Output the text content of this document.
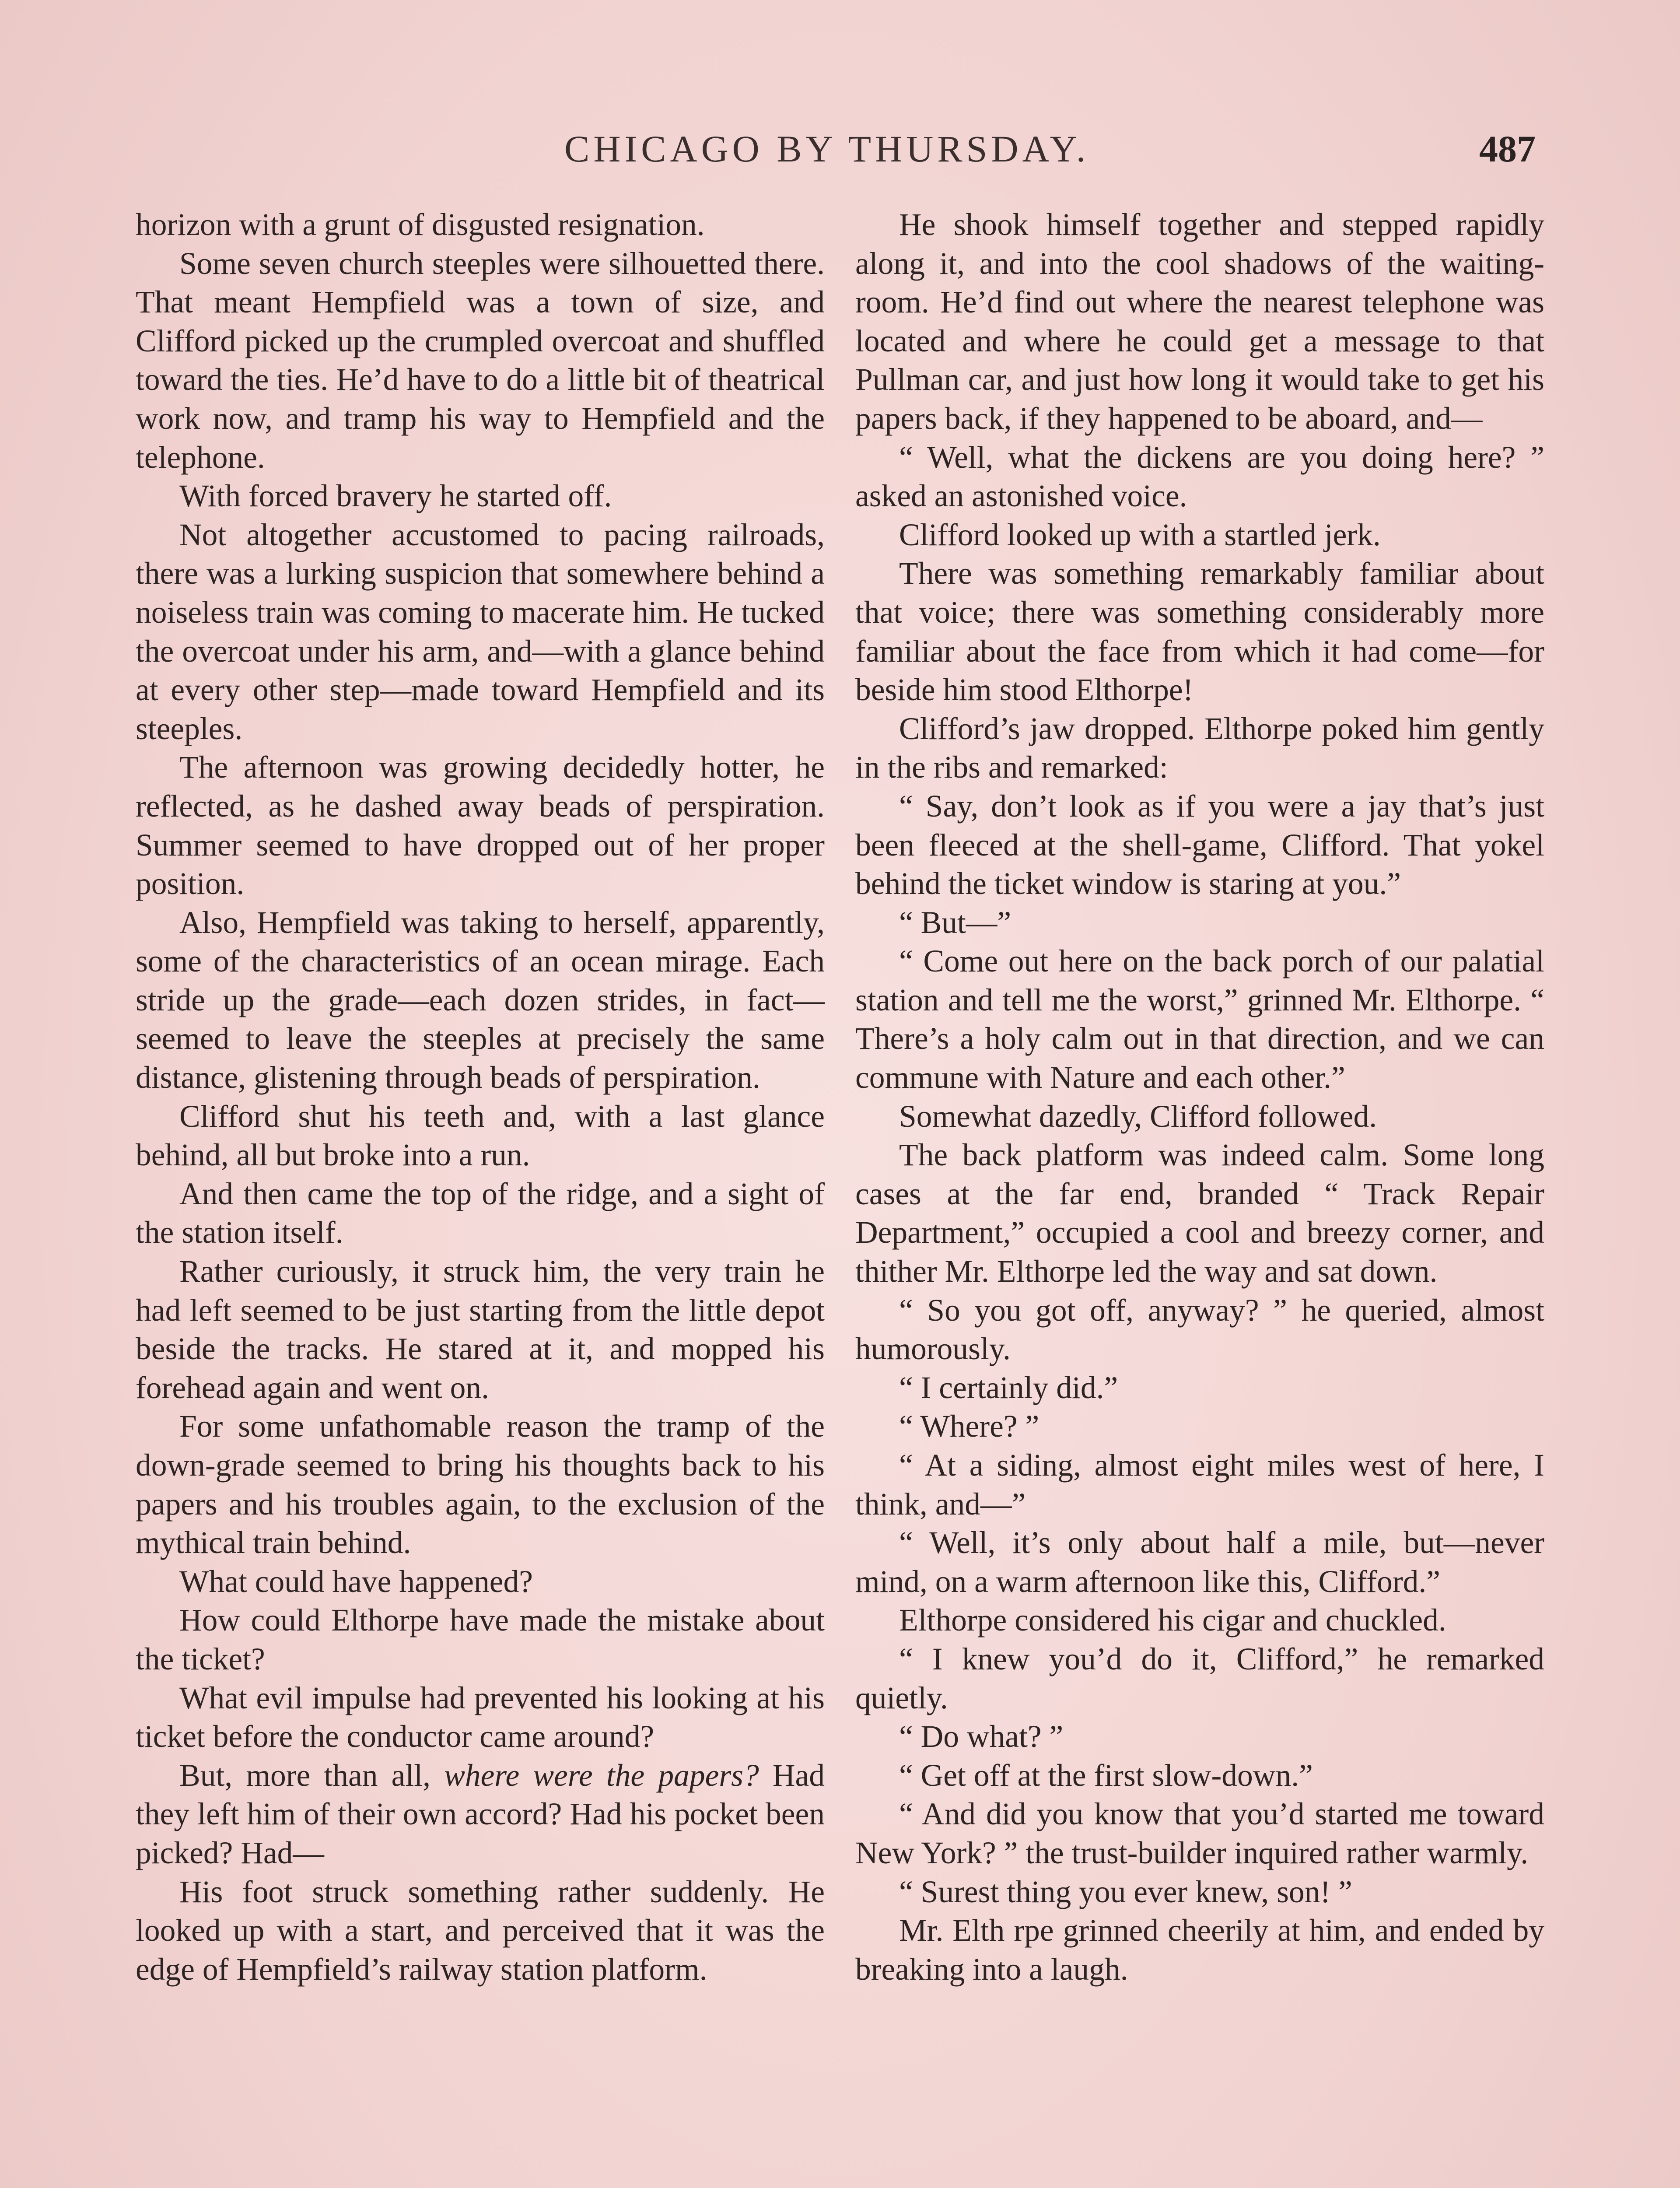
CHICAGO BY THURSDAY.	487

horizon with a grunt of disgusted resignation.

Some seven church steeples were silhouetted there. That meant Hempfield was a town of size, and Clifford picked up the crumpled overcoat and shuffled toward the ties. He’d have to do a little bit of theatrical work now, and tramp his way to Hempfield and the telephone.

With forced bravery he started off.

Not altogether accustomed to pacing railroads, there was a lurking suspicion that somewhere behind a noiseless train was coming to macerate him. He tucked the overcoat under his arm, and—with a glance behind at every other step—made toward Hempfield and its steeples.

The afternoon was growing decidedly hotter, he reflected, as he dashed away beads of perspiration. Summer seemed to have dropped out of her proper position.

Also, Hempfield was taking to herself, apparently, some of the characteristics of an ocean mirage. Each stride up the grade—each dozen strides, in fact—seemed to leave the steeples at precisely the same distance, glistening through beads of perspiration.

Clifford shut his teeth and, with a last glance behind, all but broke into a run.

And then came the top of the ridge, and a sight of the station itself.

Rather curiously, it struck him, the very train he had left seemed to be just starting from the little depot beside the tracks. He stared at it, and mopped his forehead again and went on.

For some unfathomable reason the tramp of the down-grade seemed to bring his thoughts back to his papers and his troubles again, to the exclusion of the mythical train behind.

What could have happened?

How could Elthorpe have made the mistake about the ticket?

What evil impulse had prevented his looking at his ticket before the conductor came around?

But, more than all, where were the papers? Had they left him of their own accord? Had his pocket been picked? Had—

His foot struck something rather suddenly. He looked up with a start, and perceived that it was the edge of Hempfield’s railway station platform.

He shook himself together and stepped rapidly along it, and into the cool shadows of the waiting-room. He’d find out where the nearest telephone was located and where he could get a message to that Pullman car, and just how long it would take to get his papers back, if they happened to be aboard, and—

“ Well, what the dickens are you doing here? ” asked an astonished voice.

Clifford looked up with a startled jerk.

There was something remarkably familiar about that voice; there was something considerably more familiar about the face from which it had come—for beside him stood Elthorpe!

Clifford’s jaw dropped. Elthorpe poked him gently in the ribs and remarked:

“ Say, don’t look as if you were a jay that’s just been fleeced at the shell-game, Clifford. That yokel behind the ticket window is staring at you.”

“ But—”

“ Come out here on the back porch of our palatial station and tell me the worst,” grinned Mr. Elthorpe. “ There’s a holy calm out in that direction, and we can commune with Nature and each other.”

Somewhat dazedly, Clifford followed.

The back platform was indeed calm. Some long cases at the far end, branded “ Track Repair Department,” occupied a cool and breezy corner, and thither Mr. Elthorpe led the way and sat down.

“ So you got off, anyway? ” he queried, almost humorously.

“ I certainly did.”

“ Where? ”

“ At a siding, almost eight miles west of here, I think, and—”

“ Well, it’s only about half a mile, but—never mind, on a warm afternoon like this, Clifford.”

Elthorpe considered his cigar and chuckled.

“ I knew you’d do it, Clifford,” he remarked quietly.

“ Do what? ”

“ Get off at the first slow-down.”

“ And did you know that you’d started me toward New York? ” the trust-builder inquired rather warmly.

“ Surest thing you ever knew, son! ”

Mr. Elth rpe grinned cheerily at him, and ended by breaking into a laugh.
